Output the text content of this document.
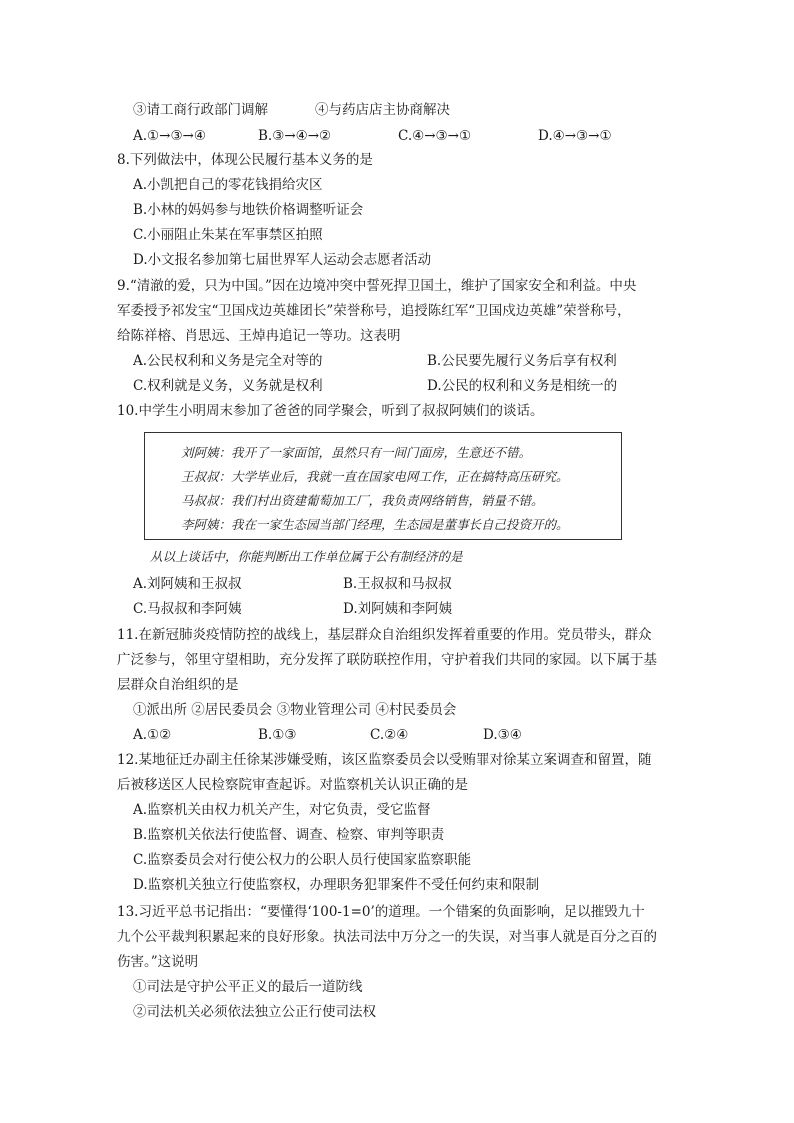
③请工商行政部门调解	④与药店店主协商解决
A.①→③→④	B.③→④→②	C.④→③→①	D.④→③→①
8.下列做法中，体现公民履行基本义务的是
A.小凯把自己的零花钱捐给灾区
B.小林的妈妈参与地铁价格调整听证会
C.小丽阻止朱某在军事禁区拍照
D.小文报名参加第七届世界军人运动会志愿者活动
9.“清澈的爱，只为中国。”因在边境冲突中誓死捍卫国土，维护了国家安全和利益。中央
军委授予祁发宝“卫国戍边英雄团长”荣誉称号，追授陈红军“卫国戍边英雄”荣誉称号，
给陈祥榕、肖思远、王焯冉追记一等功。这表明
A.公民权利和义务是完全对等的	B.公民要先履行义务后享有权利
C.权利就是义务，义务就是权利	D.公民的权利和义务是相统一的
10.中学生小明周末参加了爸爸的同学聚会，听到了叔叔阿姨们的谈话。
刘阿姨：我开了一家面馆，虽然只有一间门面房，生意还不错。
王叔叔：大学毕业后，我就一直在国家电网工作，正在搞特高压研究。
马叔叔：我们村出资建葡萄加工厂，我负责网络销售，销量不错。
李阿姨：我在一家生态园当部门经理，生态园是董事长自己投资开的。
从以上谈话中，你能判断出工作单位属于公有制经济的是
A.刘阿姨和王叔叔	B.王叔叔和马叔叔
C.马叔叔和李阿姨	D.刘阿姨和李阿姨
11.在新冠肺炎疫情防控的战线上，基层群众自治组织发挥着重要的作用。党员带头，群众
广泛参与，邻里守望相助，充分发挥了联防联控作用，守护着我们共同的家园。以下属于基
层群众自治组织的是
①派出所 ②居民委员会 ③物业管理公司 ④村民委员会
A.①②	B.①③	C.②④	D.③④
12.某地征迁办副主任徐某涉嫌受贿，该区监察委员会以受贿罪对徐某立案调查和留置，随
后被移送区人民检察院审查起诉。对监察机关认识正确的是
A.监察机关由权力机关产生，对它负责，受它监督
B.监察机关依法行使监督、调查、检察、审判等职责
C.监察委员会对行使公权力的公职人员行使国家监察职能
D.监察机关独立行使监察权，办理职务犯罪案件不受任何约束和限制
13.习近平总书记指出：“要懂得‘100-1=0’的道理。一个错案的负面影响，足以摧毁九十
九个公平裁判积累起来的良好形象。执法司法中万分之一的失误，对当事人就是百分之百的
伤害。”这说明
①司法是守护公平正义的最后一道防线
②司法机关必须依法独立公正行使司法权
